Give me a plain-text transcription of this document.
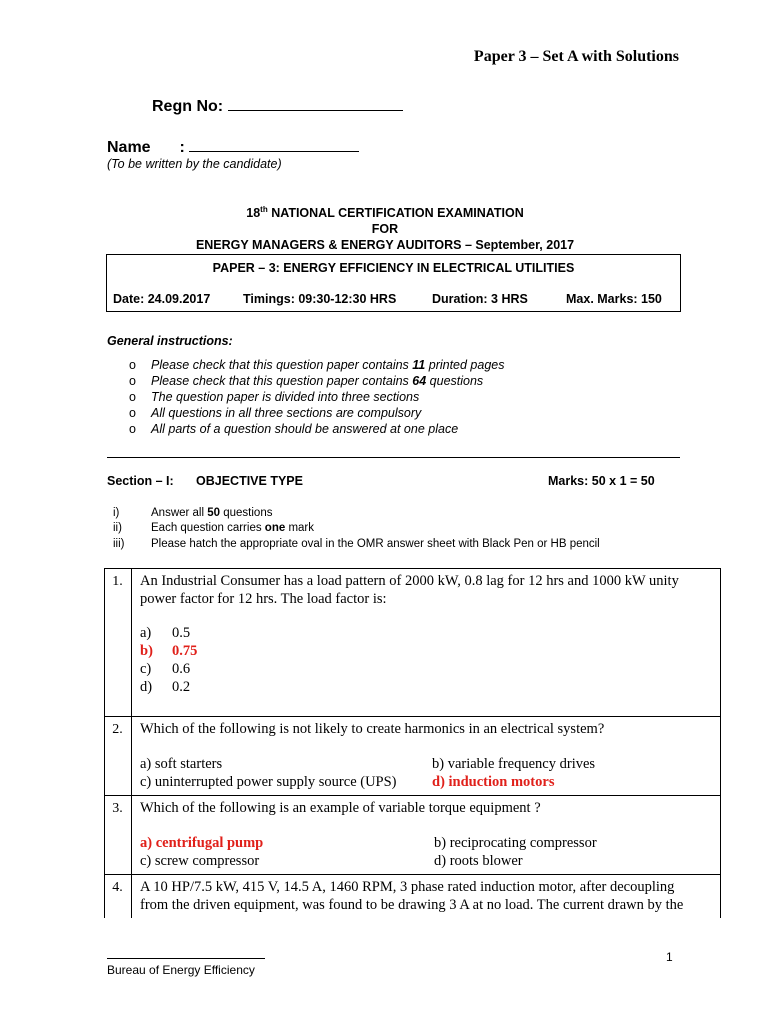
Paper 3 – Set A with Solutions
Regn No:
Name :
(To be written by the candidate)
18th NATIONAL CERTIFICATION EXAMINATION
FOR
ENERGY MANAGERS & ENERGY AUDITORS – September, 2017
PAPER – 3: ENERGY EFFICIENCY IN ELECTRICAL UTILITIES
Date: 24.09.2017	Timings: 09:30-12:30 HRS	Duration: 3 HRS	Max. Marks: 150
General instructions:
o Please check that this question paper contains 11 printed pages
o Please check that this question paper contains 64 questions
o The question paper is divided into three sections
o All questions in all three sections are compulsory
o All parts of a question should be answered at one place
Section – I: OBJECTIVE TYPE	Marks: 50 x 1 = 50
i)	Answer all 50 questions
ii)	Each question carries one mark
iii) Please hatch the appropriate oval in the OMR answer sheet with Black Pen or HB pencil
1.	An Industrial Consumer has a load pattern of 2000 kW, 0.8 lag for 12 hrs and 1000 kW unity
power factor for 12 hrs. The load factor is:
a) 0.5
b) 0.75
c) 0.6
d) 0.2
2.	Which of the following is not likely to create harmonics in an electrical system?
a) soft starters	b) variable frequency drives
c) uninterrupted power supply source (UPS) d) induction motors
3.	Which of the following is an example of variable torque equipment ?
a) centrifugal pump	b) reciprocating compressor
c) screw compressor	d) roots blower
4.	A 10 HP/7.5 kW, 415 V, 14.5 A, 1460 RPM, 3 phase rated induction motor, after decoupling
from the driven equipment, was found to be drawing 3 A at no load. The current drawn by the
1
Bureau of Energy Efficiency
